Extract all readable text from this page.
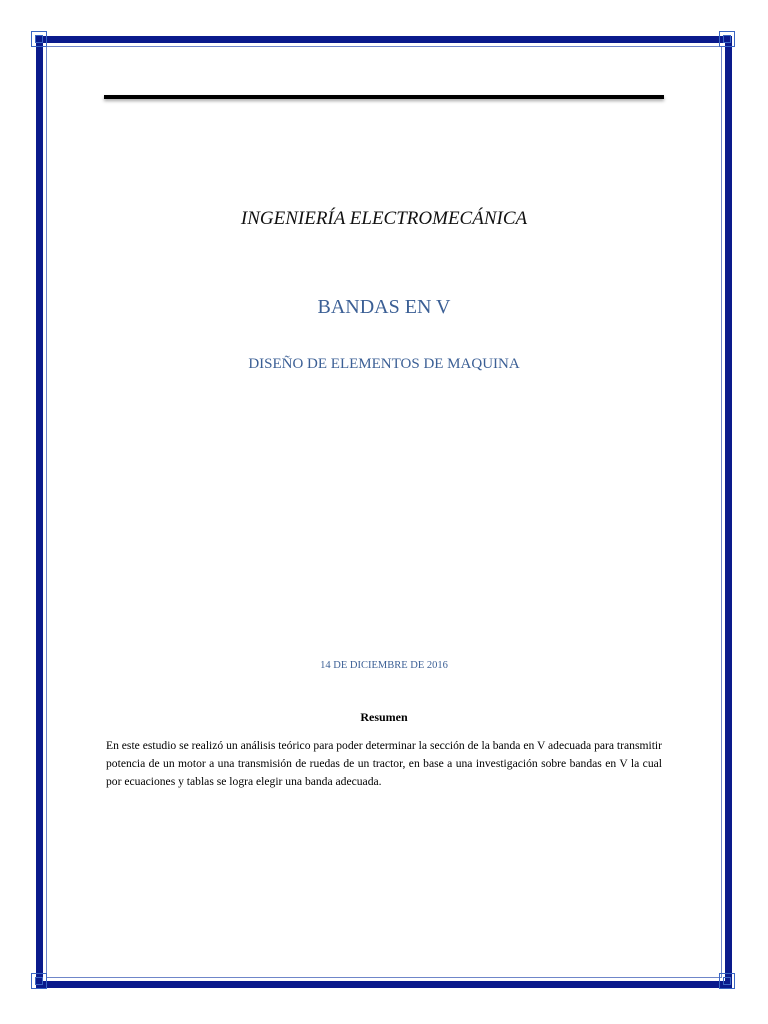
INGENIERÍA ELECTROMECÁNICA
BANDAS EN V
DISEÑO DE ELEMENTOS DE MAQUINA
14 DE DICIEMBRE DE 2016
Resumen
En este estudio se realizó un análisis teórico para poder determinar la sección de la banda en V adecuada para transmitir potencia de un motor a una transmisión de ruedas de un tractor, en base a una investigación sobre bandas en V la cual por ecuaciones y tablas se logra elegir una banda adecuada.
